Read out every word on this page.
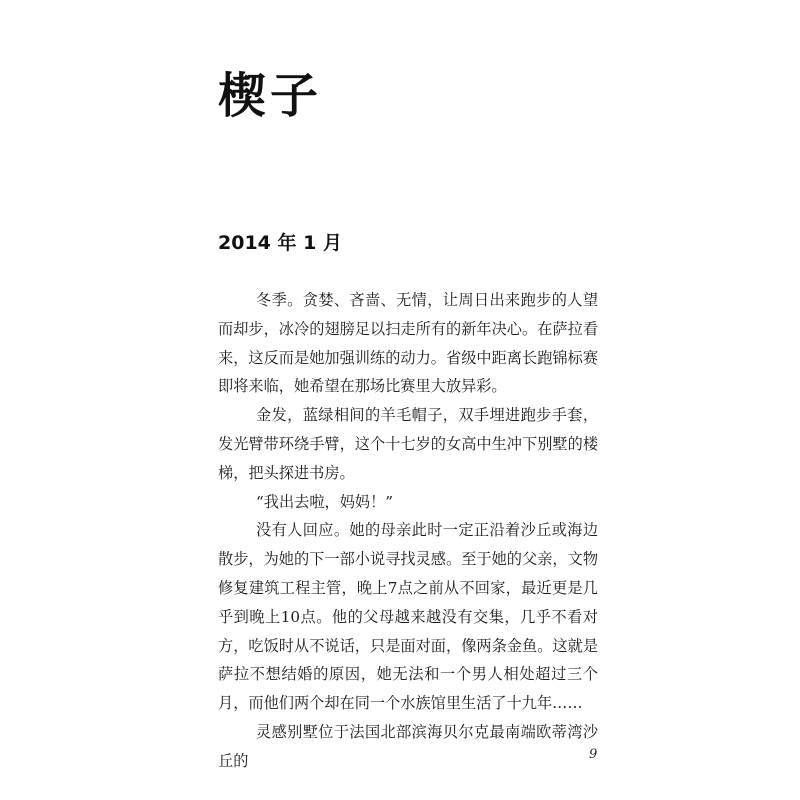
楔子
2014 年 1 月

冬季。贪婪、吝啬、无情，让周日出来跑步的人望而却步，冰冷的翅膀足以扫走所有的新年决心。在萨拉看来，这反而是她加强训练的动力。省级中距离长跑锦标赛即将来临，她希望在那场比赛里大放异彩。

金发，蓝绿相间的羊毛帽子，双手埋进跑步手套，发光臂带环绕手臂，这个十七岁的女高中生冲下别墅的楼梯，把头探进书房。

“我出去啦，妈妈！”

没有人回应。她的母亲此时一定正沿着沙丘或海边散步，为她的下一部小说寻找灵感。至于她的父亲，文物修复建筑工程主管，晚上7点之前从不回家，最近更是几乎到晚上10点。他的父母越来越没有交集，几乎不看对方，吃饭时从不说话，只是面对面，像两条金鱼。这就是萨拉不想结婚的原因，她无法和一个男人相处超过三个月，而他们两个却在同一个水族馆里生活了十九年……

灵感别墅位于法国北部滨海贝尔克最南端欧蒂湾沙丘的	9
